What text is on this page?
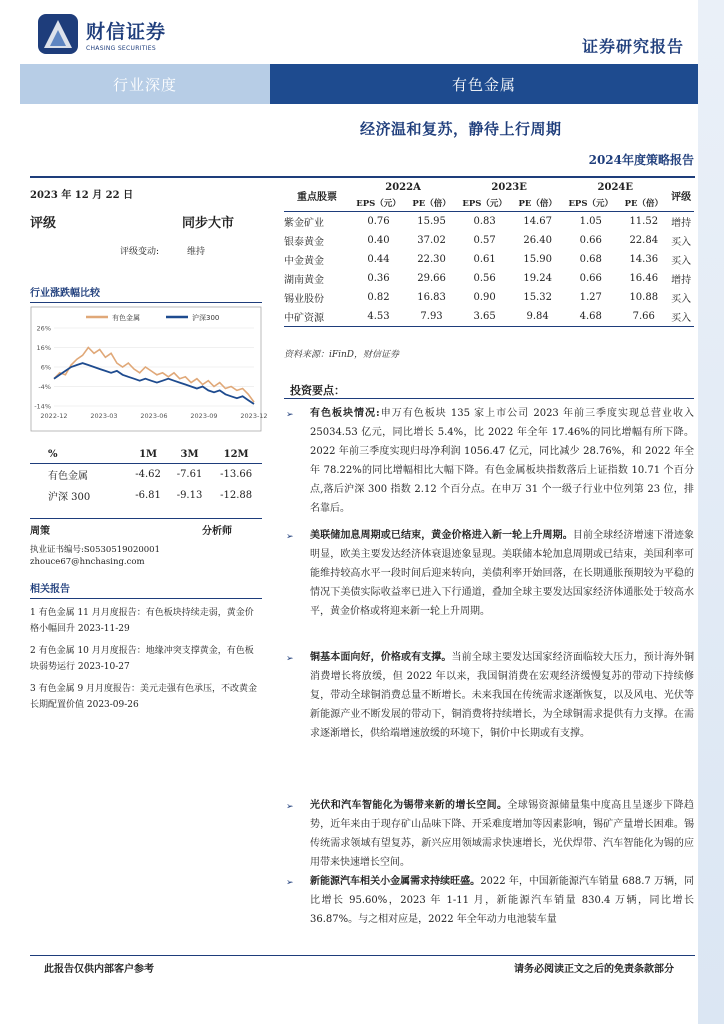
财信证券
CHASING SECURITIES	证券研究报告
行业深度	有色金属
经济温和复苏，静待上行周期
2024年度策略报告
2023 年 12 月 22 日
评级	同步大市
评级变动:	维持
行业涨跌幅比较
有色金属	沪深300
26%
16%
6%
-4%
-14%
2022-12	2023-03	2023-06	2023-09	2023-12
%	1M	3M	12M
有色金属	-4.62	-7.61	-13.66
沪深 300	-6.81	-9.13	-12.88
周策	分析师
执业证书编号:S0530519020001
zhouce67@hnchasing.com
相关报告
1 有色金属 11 月月度报告：有色板块持续走弱，黄金价格小幅回升 2023-11-29
2 有色金属 10 月月度报告：地缘冲突支撑黄金，有色板块弱势运行 2023-10-27
3 有色金属 9 月月度报告：美元走强有色承压，不改黄金长期配置价值 2023-09-26
重点股票	2022A		2023E		2024E		评级
	EPS（元）	PE（倍）	EPS（元）	PE（倍）	EPS（元）	PE（倍）	
紫金矿业	0.76	15.95	0.83	14.67	1.05	11.52	增持
银泰黄金	0.40	37.02	0.57	26.40	0.66	22.84	买入
中金黄金	0.44	22.30	0.61	15.90	0.68	14.36	买入
湖南黄金	0.36	29.66	0.56	19.24	0.66	16.46	增持
锡业股份	0.82	16.83	0.90	15.32	1.27	10.88	买入
中矿资源	4.53	7.93	3.65	9.84	4.68	7.66	买入
资料来源：iFinD，财信证券
投资要点：
➢	有色板块情况:申万有色板块 135 家上市公司 2023 年前三季度实现总营业收入 25034.53 亿元，同比增长 5.4%，比 2022 年全年 17.46%的同比增幅有所下降。2022 年前三季度实现归母净利润 1056.47 亿元，同比减少 28.76%，和 2022 年全年 78.22%的同比增幅相比大幅下降。有色金属板块指数落后上证指数 10.71 个百分点,落后沪深 300 指数 2.12 个百分点。在申万 31 个一级子行业中位列第 23 位，排名靠后。
➢	美联储加息周期或已结束，黄金价格进入新一轮上升周期。目前全球经济增速下滑迹象明显，欧美主要发达经济体衰退迹象显现。美联储本轮加息周期或已结束，美国利率可能维持较高水平一段时间后迎来转向，美债利率开始回落，在长期通胀预期较为平稳的情况下美债实际收益率已进入下行通道，叠加全球主要发达国家经济体通胀处于较高水平，黄金价格或将迎来新一轮上升周期。
➢	铜基本面向好，价格或有支撑。当前全球主要发达国家经济面临较大压力，预计海外铜消费增长将放缓，但 2022 年以来，我国铜消费在宏观经济缓慢复苏的带动下持续修复，带动全球铜消费总量不断增长。未来我国在传统需求逐渐恢复，以及风电、光伏等新能源产业不断发展的带动下，铜消费将持续增长，为全球铜需求提供有力支撑。在需求逐渐增长，供给端增速放缓的环境下，铜价中长期或有支撑。
➢	光伏和汽车智能化为锡带来新的增长空间。全球锡资源储量集中度高且呈逐步下降趋势，近年来由于现存矿山品味下降、开采难度增加等因素影响，锡矿产量增长困难。锡传统需求领域有望复苏，新兴应用领域需求快速增长，光伏焊带、汽车智能化为锡的应用带来快速增长空间。
➢	新能源汽车相关小金属需求持续旺盛。2022 年，中国新能源汽车销量 688.7 万辆，同比增长 95.60%，2023 年 1-11 月，新能源汽车销量 830.4 万辆，同比增长 36.87%。与之相对应是，2022 年全年动力电池装车量
此报告仅供内部客户参考	请务必阅读正文之后的免责条款部分
